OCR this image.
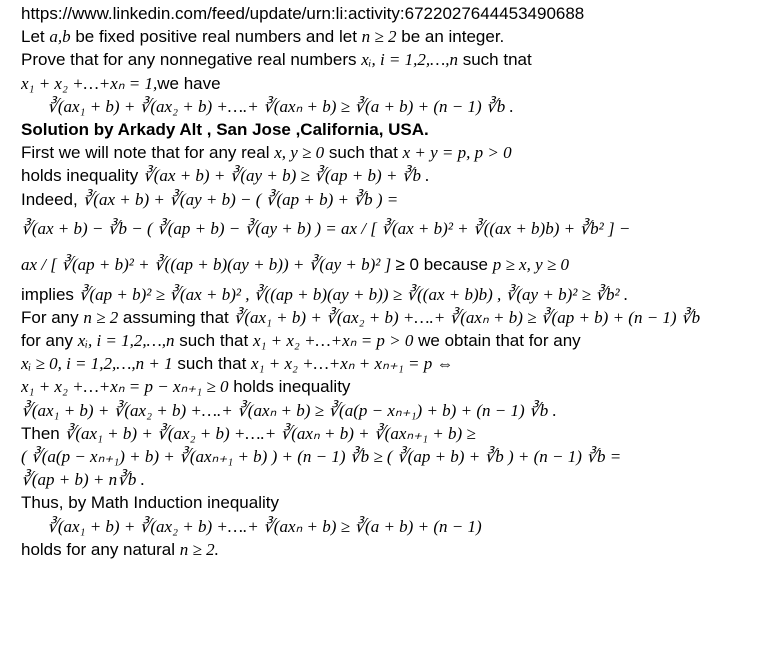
https://www.linkedin.com/feed/update/urn:li:activity:6722027644453490688
Let a,b be fixed positive real numbers and let n ≥ 2 be an integer.
Prove that for any nonnegative real numbers xᵢ, i = 1,2,…,n such tnat
x₁ + x₂ +…+xₙ = 1,we have
∛(ax₁ + b) + ∛(ax₂ + b) +….+ ∛(axₙ + b) ≥ ∛(a + b) + (n − 1) ∛b .
Solution by Arkady Alt , San Jose ,California, USA.
First we will note that for any real x, y ≥ 0 such that x + y = p, p > 0
holds inequality ∛(ax + b) + ∛(ay + b) ≥ ∛(ap + b) + ∛b .
Indeed, ∛(ax + b) + ∛(ay + b) − ( ∛(ap + b) + ∛b ) =
∛(ax + b) − ∛b − ( ∛(ap + b) − ∛(ay + b) ) = ax / [ ∛(ax + b)² + ∛((ax + b)b) + ∛b² ] −
ax / [ ∛(ap + b)² + ∛((ap + b)(ay + b)) + ∛(ay + b)² ] ≥ 0 because p ≥ x, y ≥ 0
implies ∛(ap + b)² ≥ ∛(ax + b)² , ∛((ap + b)(ay + b)) ≥ ∛((ax + b)b) , ∛(ay + b)² ≥ ∛b² .
For any n ≥ 2 assuming that ∛(ax₁ + b) + ∛(ax₂ + b) +….+ ∛(axₙ + b) ≥ ∛(ap + b) + (n − 1) ∛b
for any xᵢ, i = 1,2,…,n such that x₁ + x₂ +…+xₙ = p > 0 we obtain that for any
xᵢ ≥ 0, i = 1,2,…,n + 1 such that x₁ + x₂ +…+xₙ + xₙ₊₁ = p ⇔
x₁ + x₂ +…+xₙ = p − xₙ₊₁ ≥ 0 holds inequality
∛(ax₁ + b) + ∛(ax₂ + b) +….+ ∛(axₙ + b) ≥ ∛(a(p − xₙ₊₁) + b) + (n − 1) ∛b .
Then ∛(ax₁ + b) + ∛(ax₂ + b) +….+ ∛(axₙ + b) + ∛(axₙ₊₁ + b) ≥
( ∛(a(p − xₙ₊₁) + b) + ∛(axₙ₊₁ + b) ) + (n − 1) ∛b ≥ ( ∛(ap + b) + ∛b ) + (n − 1) ∛b =
∛(ap + b) + n∛b .
Thus, by Math Induction inequality
∛(ax₁ + b) + ∛(ax₂ + b) +….+ ∛(axₙ + b) ≥ ∛(a + b) + (n − 1)
holds for any natural n ≥ 2.
